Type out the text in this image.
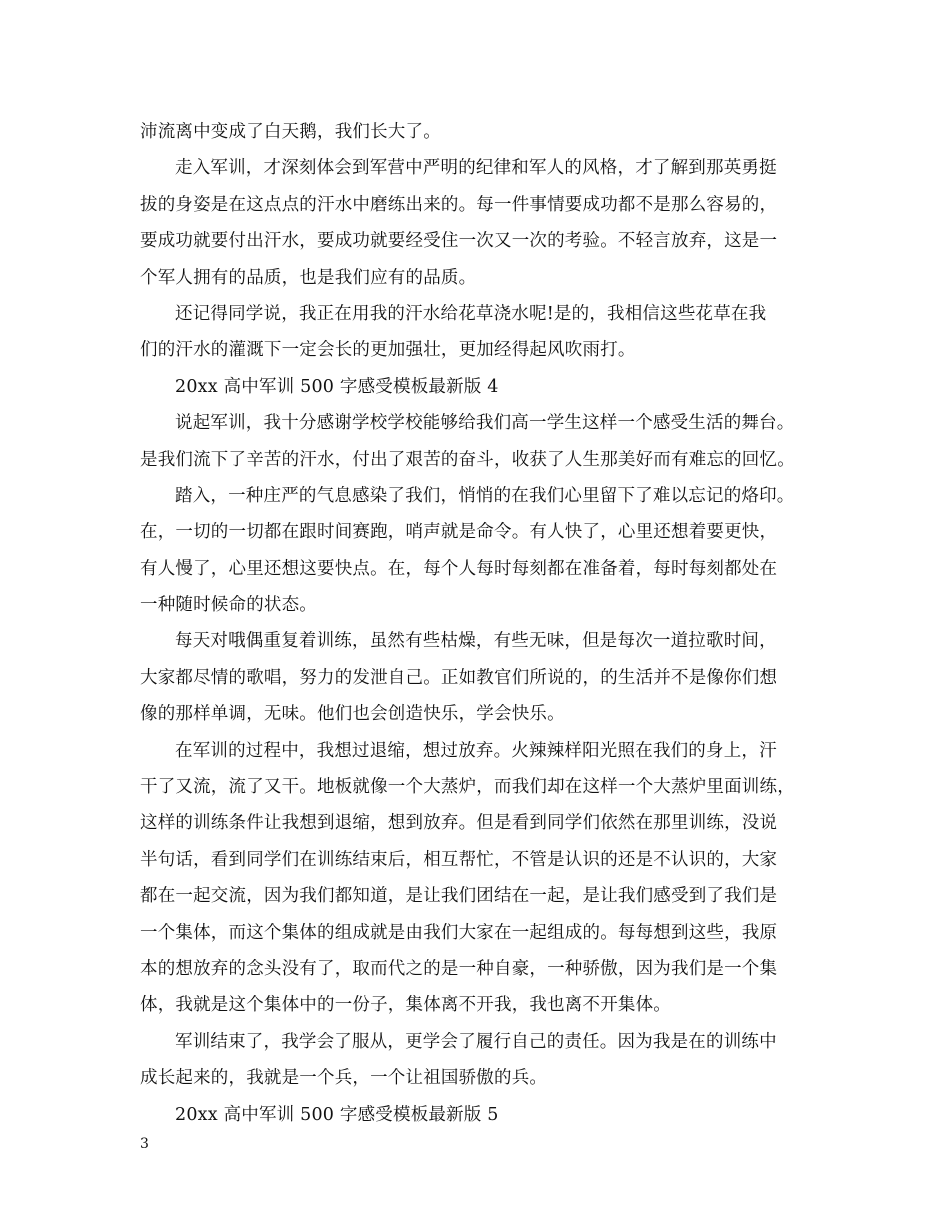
沛流离中变成了白天鹅，我们长大了。
走入军训，才深刻体会到军营中严明的纪律和军人的风格，才了解到那英勇挺
拔的身姿是在这点点的汗水中磨练出来的。每一件事情要成功都不是那么容易的，
要成功就要付出汗水，要成功就要经受住一次又一次的考验。不轻言放弃，这是一
个军人拥有的品质，也是我们应有的品质。
还记得同学说，我正在用我的汗水给花草浇水呢!是的，我相信这些花草在我
们的汗水的灌溉下一定会长的更加强壮，更加经得起风吹雨打。
20xx 高中军训 500 字感受模板最新版 4
说起军训，我十分感谢学校学校能够给我们高一学生这样一个感受生活的舞台。
是我们流下了辛苦的汗水，付出了艰苦的奋斗，收获了人生那美好而有难忘的回忆。
踏入，一种庄严的气息感染了我们，悄悄的在我们心里留下了难以忘记的烙印。
在，一切的一切都在跟时间赛跑，哨声就是命令。有人快了，心里还想着要更快，
有人慢了，心里还想这要快点。在，每个人每时每刻都在准备着，每时每刻都处在
一种随时候命的状态。
每天对哦偶重复着训练，虽然有些枯燥，有些无味，但是每次一道拉歌时间，
大家都尽情的歌唱，努力的发泄自己。正如教官们所说的，的生活并不是像你们想
像的那样单调，无味。他们也会创造快乐，学会快乐。
在军训的过程中，我想过退缩，想过放弃。火辣辣样阳光照在我们的身上，汗
干了又流，流了又干。地板就像一个大蒸炉，而我们却在这样一个大蒸炉里面训练，
这样的训练条件让我想到退缩，想到放弃。但是看到同学们依然在那里训练，没说
半句话，看到同学们在训练结束后，相互帮忙，不管是认识的还是不认识的，大家
都在一起交流，因为我们都知道，是让我们团结在一起，是让我们感受到了我们是
一个集体，而这个集体的组成就是由我们大家在一起组成的。每每想到这些，我原
本的想放弃的念头没有了，取而代之的是一种自豪，一种骄傲，因为我们是一个集
体，我就是这个集体中的一份子，集体离不开我，我也离不开集体。
军训结束了，我学会了服从，更学会了履行自己的责任。因为我是在的训练中
成长起来的，我就是一个兵，一个让祖国骄傲的兵。
20xx 高中军训 500 字感受模板最新版 5
3
